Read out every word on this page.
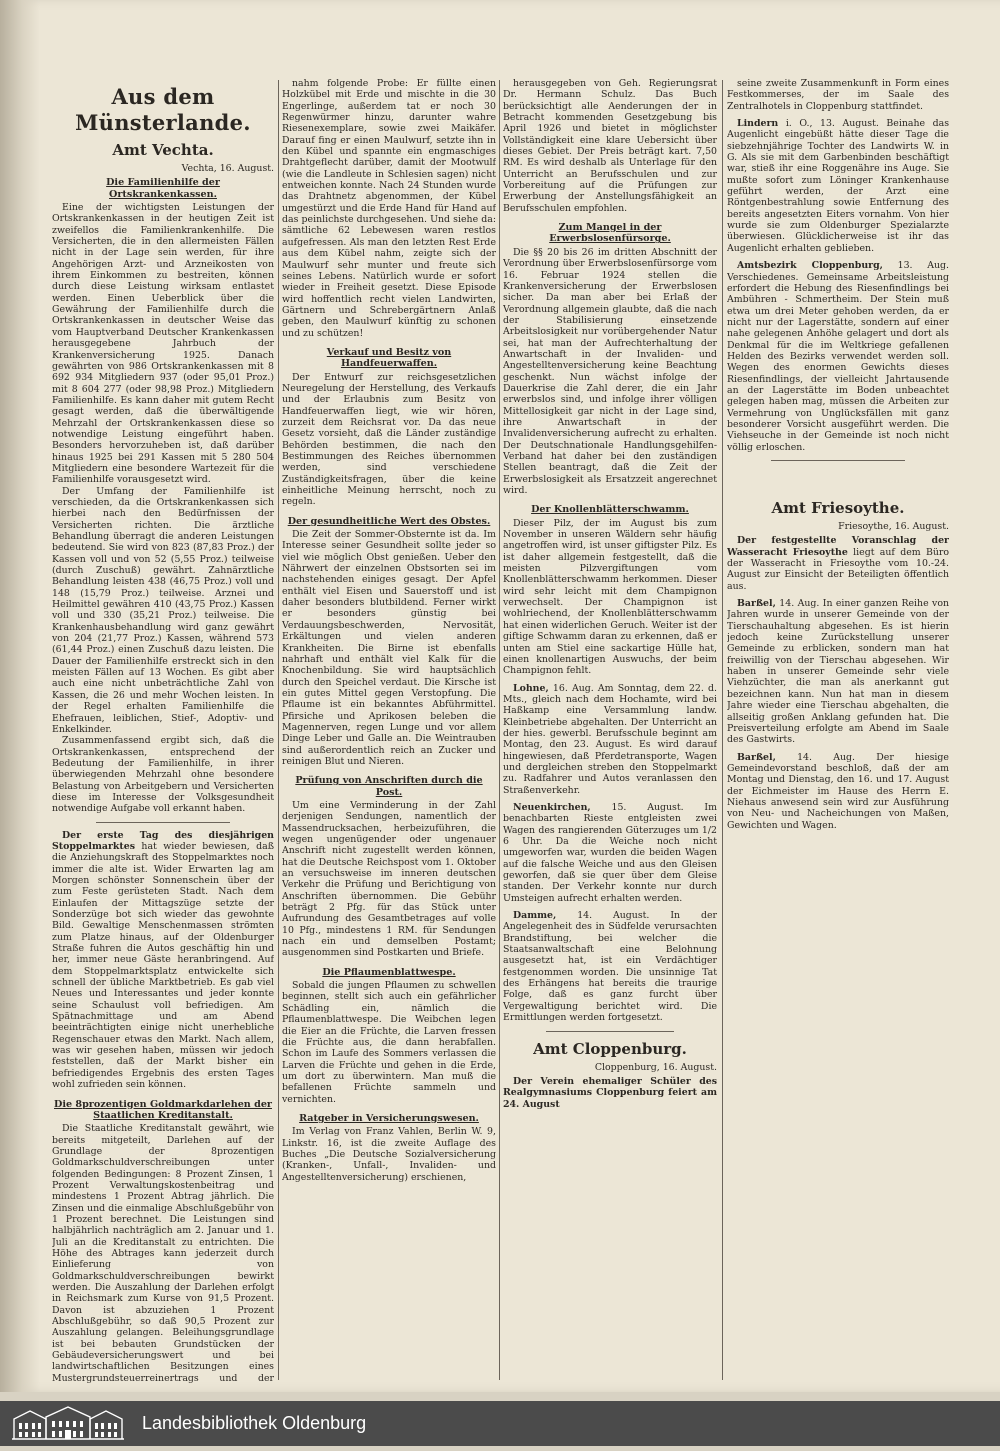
Aus dem Münsterlande.
Amt Vechta.
Vechta, 16. August.
Die Familienhilfe der Ortskrankenkassen.

Eine der wichtigsten Leistungen der Ortskrankenkassen in der heutigen Zeit ist zweifellos die Familienkrankenhilfe. Die Versicherten, die in den allermeisten Fällen nicht in der Lage sein werden, für ihre Angehörigen Arzt- und Arzneikosten von ihrem Einkommen zu bestreiten, können durch diese Leistung wirksam entlastet werden. Einen Ueberblick über die Gewährung der Familienhilfe durch die Ortskrankenkassen in deutscher Weise das vom Hauptverband Deutscher Krankenkassen herausgegebene Jahrbuch der Krankenversicherung 1925. Danach gewährten von 986 Ortskrankenkassen mit 8 692 934 Mitgliedern 937 (oder 95,01 Proz.) mit 8 604 277 (oder 98,98 Proz.) Mitgliedern Familienhilfe. Es kann daher mit gutem Recht gesagt werden, daß die überwältigende Mehrzahl der Ortskrankenkassen diese so notwendige Leistung eingeführt haben. Besonders hervorzuheben ist, daß darüber hinaus 1925 bei 291 Kassen mit 5 280 504 Mitgliedern eine besondere Wartezeit für die Familienhilfe vorausgesetzt wird.

Der Umfang der Familienhilfe ist verschieden, da die Ortskrankenkassen sich hierbei nach den Bedürfnissen der Versicherten richten. Die ärztliche Behandlung überragt die anderen Leistungen bedeutend. Sie wird von 823 (87,83 Proz.) der Kassen voll und von 52 (5,55 Proz.) teilweise (durch Zuschuß) gewährt. Zahnärztliche Behandlung leisten 438 (46,75 Proz.) voll und 148 (15,79 Proz.) teilweise. Arznei und Heilmittel gewähren 410 (43,75 Proz.) Kassen voll und 330 (35,21 Proz.) teilweise. Die Krankenhausbehandlung wird ganz gewährt von 204 (21,77 Proz.) Kassen, während 573 (61,44 Proz.) einen Zuschuß dazu leisten. Die Dauer der Familienhilfe erstreckt sich in den meisten Fällen auf 13 Wochen. Es gibt aber auch eine nicht unbeträchtliche Zahl von Kassen, die 26 und mehr Wochen leisten. In der Regel erhalten Familienhilfe die Ehefrauen, leiblichen, Stief-, Adoptiv- und Enkelkinder.

Zusammenfassend ergibt sich, daß die Ortskrankenkassen, entsprechend der Bedeutung der Familienhilfe, in ihrer überwiegenden Mehrzahl ohne besondere Belastung von Arbeitgebern und Versicherten diese im Interesse der Volksgesundheit notwendige Aufgabe voll erkannt haben.

Der erste Tag des diesjährigen Stoppelmarktes hat wieder bewiesen, daß die Anziehungskraft des Stoppelmarktes noch immer die alte ist. Wider Erwarten lag am Morgen schönster Sonnenschein über der zum Feste gerüsteten Stadt. Nach dem Einlaufen der Mittagszüge setzte der Sonderzüge bot sich wieder das gewohnte Bild. Gewaltige Menschenmassen strömten zum Platze hinaus, auf der Oldenburger Straße fuhren die Autos geschäftig hin und her, immer neue Gäste heranbringend. Auf dem Stoppelmarktsplatz entwickelte sich schnell der übliche Marktbetrieb. Es gab viel Neues und Interessantes und jeder konnte seine Schaulust voll befriedigen. Am Spätnachmittage und am Abend beeinträchtigten einige nicht unerhebliche Regenschauer etwas den Markt. Nach allem, was wir gesehen haben, müssen wir jedoch feststellen, daß der Markt bisher ein befriedigendes Ergebnis des ersten Tages wohl zufrieden sein können.

Die 8prozentigen Goldmarkdarlehen der Staatlichen Kreditanstalt.

Die Staatliche Kreditanstalt gewährt, wie bereits mitgeteilt, Darlehen auf der Grundlage der 8prozentigen Goldmarkschuldverschreibungen unter folgenden Bedingungen: 8 Prozent Zinsen, 1 Prozent Verwaltungskostenbeitrag und mindestens 1 Prozent Abtrag jährlich. Die Zinsen und die einmalige Abschlußgebühr von 1 Prozent berechnet. Die Leistungen sind halbjährlich nachträglich am 2. Januar und 1. Juli an die Kreditanstalt zu entrichten. Die Höhe des Abtrages kann jederzeit durch Einlieferung von Goldmarkschuldverschreibungen bewirkt werden. Die Auszahlung der Darlehen erfolgt in Reichsmark zum Kurse von 91,5 Prozent. Davon ist abzuziehen 1 Prozent Abschlußgebühr, so daß 90,5 Prozent zur Auszahlung gelangen. Beleihungsgrundlage ist bei bebauten Grundstücken der Gebäudeversicherungswert und bei landwirtschaftlichen Besitzungen eines Mustergrundsteuerreinertrags und der

nahm folgende Probe: Er füllte einen Holzkübel mit Erde und mischte in die 30 Engerlinge, außerdem tat er noch 30 Regenwürmer hinzu, darunter wahre Riesenexemplare, sowie zwei Maikäfer. Darauf fing er einen Maulwurf, setzte ihn in den Kübel und spannte ein engmaschiges Drahtgeflecht darüber, damit der Mootwulf (wie die Landleute in Schlesien sagen) nicht entweichen konnte. Nach 24 Stunden wurde das Drahtnetz abgenommen, der Kübel umgestürzt und die Erde Hand für Hand auf das peinlichste durchgesehen. Und siehe da: sämtliche 62 Lebewesen waren restlos aufgefressen. Als man den letzten Rest Erde aus dem Kübel nahm, zeigte sich der Maulwurf sehr munter und freute sich seines Lebens. Natürlich wurde er sofort wieder in Freiheit gesetzt. Diese Episode wird hoffentlich recht vielen Landwirten, Gärtnern und Schrebergärtnern Anlaß geben, den Maulwurf künftig zu schonen und zu schützen!

Verkauf und Besitz von Handfeuerwaffen.

Der Entwurf zur reichsgesetzlichen Neuregelung der Herstellung, des Verkaufs und der Erlaubnis zum Besitz von Handfeuerwaffen liegt, wie wir hören, zurzeit dem Reichsrat vor. Da das neue Gesetz vorsieht, daß die Länder zuständige Behörden bestimmen, die nach den Bestimmungen des Reiches übernommen werden, sind verschiedene Zuständigkeitsfragen, über die keine einheitliche Meinung herrscht, noch zu regeln.

Der gesundheitliche Wert des Obstes.

Die Zeit der Sommer-Obsternte ist da. Im Interesse seiner Gesundheit sollte jeder so viel wie möglich Obst genießen. Ueber den Nährwert der einzelnen Obstsorten sei im nachstehenden einiges gesagt. Der Apfel enthält viel Eisen und Sauerstoff und ist daher besonders blutbildend. Ferner wirkt er besonders günstig bei Verdauungsbeschwerden, Nervosität, Erkältungen und vielen anderen Krankheiten. Die Birne ist ebenfalls nahrhaft und enthält viel Kalk für die Knochenbildung. Sie wird hauptsächlich durch den Speichel verdaut. Die Kirsche ist ein gutes Mittel gegen Verstopfung. Die Pflaume ist ein bekanntes Abführmittel. Pfirsiche und Aprikosen beleben die Magennerven, regen Lunge und vor allem Dinge Leber und Galle an. Die Weintrauben sind außerordentlich reich an Zucker und reinigen Blut und Nieren.

Prüfung von Anschriften durch die Post.

Um eine Verminderung in der Zahl derjenigen Sendungen, namentlich der Massendrucksachen, herbeizuführen, die wegen ungenügender oder ungenauer Anschrift nicht zugestellt werden können, hat die Deutsche Reichspost vom 1. Oktober an versuchsweise im inneren deutschen Verkehr die Prüfung und Berichtigung von Anschriften übernommen. Die Gebühr beträgt 2 Pfg. für das Stück unter Aufrundung des Gesamtbetrages auf volle 10 Pfg., mindestens 1 RM. für Sendungen nach ein und demselben Postamt; ausgenommen sind Postkarten und Briefe.

Die Pflaumenblattwespe.

Sobald die jungen Pflaumen zu schwellen beginnen, stellt sich auch ein gefährlicher Schädling ein, nämlich die Pflaumenblattwespe. Die Weibchen legen die Eier an die Früchte, die Larven fressen die Früchte aus, die dann herabfallen. Schon im Laufe des Sommers verlassen die Larven die Früchte und gehen in die Erde, um dort zu überwintern. Man muß die befallenen Früchte sammeln und vernichten.

Ratgeber in Versicherungswesen.

Im Verlag von Franz Vahlen, Berlin W. 9, Linkstr. 16, ist die zweite Auflage des Buches „Die Deutsche Sozialversicherung (Kranken-, Unfall-, Invaliden- und Angestelltenversicherung) erschienen,

herausgegeben von Geh. Regierungsrat Dr. Hermann Schulz. Das Buch berücksichtigt alle Aenderungen der in Betracht kommenden Gesetzgebung bis April 1926 und bietet in möglichster Vollständigkeit eine klare Uebersicht über dieses Gebiet. Der Preis beträgt kart. 7,50 RM. Es wird deshalb als Unterlage für den Unterricht an Berufsschulen und zur Vorbereitung auf die Prüfungen zur Erwerbung der Anstellungsfähigkeit an Berufsschulen empfohlen.

Zum Mangel in der Erwerbslosenfürsorge.

Die §§ 20 bis 26 im dritten Abschnitt der Verordnung über Erwerbslosenfürsorge vom 16. Februar 1924 stellen die Krankenversicherung der Erwerbslosen sicher. Da man aber bei Erlaß der Verordnung allgemein glaubte, daß die nach der Stabilisierung einsetzende Arbeitslosigkeit nur vorübergehender Natur sei, hat man der Aufrechterhaltung der Anwartschaft in der Invaliden- und Angestelltenversicherung keine Beachtung geschenkt. Nun wächst infolge der Dauerkrise die Zahl derer, die ein Jahr erwerbslos sind, und infolge ihrer völligen Mittellosigkeit gar nicht in der Lage sind, ihre Anwartschaft in der Invalidenversicherung aufrecht zu erhalten. Der Deutschnationale Handlungsgehilfen-Verband hat daher bei den zuständigen Stellen beantragt, daß die Zeit der Erwerbslosigkeit als Ersatzzeit angerechnet wird.

Der Knollenblätterschwamm.

Dieser Pilz, der im August bis zum November in unseren Wäldern sehr häufig angetroffen wird, ist unser giftigster Pilz. Es ist daher allgemein festgestellt, daß die meisten Pilzvergiftungen vom Knollenblätterschwamm herkommen. Dieser wird sehr leicht mit dem Champignon verwechselt. Der Champignon ist wohlriechend, der Knollenblätterschwamm hat einen widerlichen Geruch. Weiter ist der giftige Schwamm daran zu erkennen, daß er unten am Stiel eine sackartige Hülle hat, einen knollenartigen Auswuchs, der beim Champignon fehlt.

Lohne, 16. Aug. Am Sonntag, dem 22. d. Mts., gleich nach dem Hochamte, wird bei Haßkamp eine Versammlung landw. Kleinbetriebe abgehalten. Der Unterricht an der hies. gewerbl. Berufsschule beginnt am Montag, den 23. August. Es wird darauf hingewiesen, daß Pferdetransporte, Wagen und dergleichen streben den Stoppelmarkt zu. Radfahrer und Autos veranlassen den Straßenverkehr.

Neuenkirchen, 15. August. Im benachbarten Rieste entgleisten zwei Wagen des rangierenden Güterzuges um 1/2 6 Uhr. Da die Weiche noch nicht umgeworfen war, wurden die beiden Wagen auf die falsche Weiche und aus den Gleisen geworfen, daß sie quer über dem Gleise standen. Der Verkehr konnte nur durch Umsteigen aufrecht erhalten werden.

Damme, 14. August. In der Angelegenheit des in Südfelde verursachten Brandstiftung, bei welcher die Staatsanwaltschaft eine Belohnung ausgesetzt hat, ist ein Verdächtiger festgenommen worden. Die unsinnige Tat des Erhängens hat bereits die traurige Folge, daß es ganz furcht über Vergewaltigung berichtet wird. Die Ermittlungen werden fortgesetzt.

Amt Cloppenburg.
Cloppenburg, 16. August.

Der Verein ehemaliger Schüler des Realgymnasiums Cloppenburg feiert am 24. August

seine zweite Zusammenkunft in Form eines Festkommerses, der im Saale des Zentralhotels in Cloppenburg stattfindet.

Lindern i. O., 13. August. Beinahe das Augenlicht eingebüßt hätte dieser Tage die siebzehnjährige Tochter des Landwirts W. in G. Als sie mit dem Garbenbinden beschäftigt war, stieß ihr eine Roggenähre ins Auge. Sie mußte sofort zum Löninger Krankenhause geführt werden, der Arzt eine Röntgenbestrahlung sowie Entfernung des bereits angesetzten Eiters vornahm. Von hier wurde sie zum Oldenburger Spezialarzte überwiesen. Glücklicherweise ist ihr das Augenlicht erhalten geblieben.

Amtsbezirk Cloppenburg, 13. Aug. Verschiedenes. Gemeinsame Arbeitsleistung erfordert die Hebung des Riesenfindlings bei Ambühren - Schmertheim. Der Stein muß etwa um drei Meter gehoben werden, da er nicht nur der Lagerstätte, sondern auf einer nahe gelegenen Anhöhe gelagert und dort als Denkmal für die im Weltkriege gefallenen Helden des Bezirks verwendet werden soll. Wegen des enormen Gewichts dieses Riesenfindlings, der vielleicht Jahrtausende an der Lagerstätte im Boden unbeachtet gelegen haben mag, müssen die Arbeiten zur Vermehrung von Unglücksfällen mit ganz besonderer Vorsicht ausgeführt werden. Die Viehseuche in der Gemeinde ist noch nicht völlig erloschen.

Amt Friesoythe.
Friesoythe, 16. August.

Der festgestellte Voranschlag der Wasseracht Friesoythe liegt auf dem Büro der Wasseracht in Friesoythe vom 10.-24. August zur Einsicht der Beteiligten öffentlich aus.

Barßel, 14. Aug. In einer ganzen Reihe von Jahren wurde in unserer Gemeinde von der Tierschauhaltung abgesehen. Es ist hierin jedoch keine Zurückstellung unserer Gemeinde zu erblicken, sondern man hat freiwillig von der Tierschau abgesehen. Wir haben in unserer Gemeinde sehr viele Viehzüchter, die man als anerkannt gut bezeichnen kann. Nun hat man in diesem Jahre wieder eine Tierschau abgehalten, die allseitig großen Anklang gefunden hat. Die Preisverteilung erfolgte am Abend im Saale des Gastwirts.

Barßel, 14. Aug. Der hiesige Gemeindevorstand beschloß, daß der am Montag und Dienstag, den 16. und 17. August der Eichmeister im Hause des Herrn E. Niehaus anwesend sein wird zur Ausführung von Neu- und Nacheichungen von Maßen, Gewichten und Wagen.

Landesbibliothek Oldenburg
